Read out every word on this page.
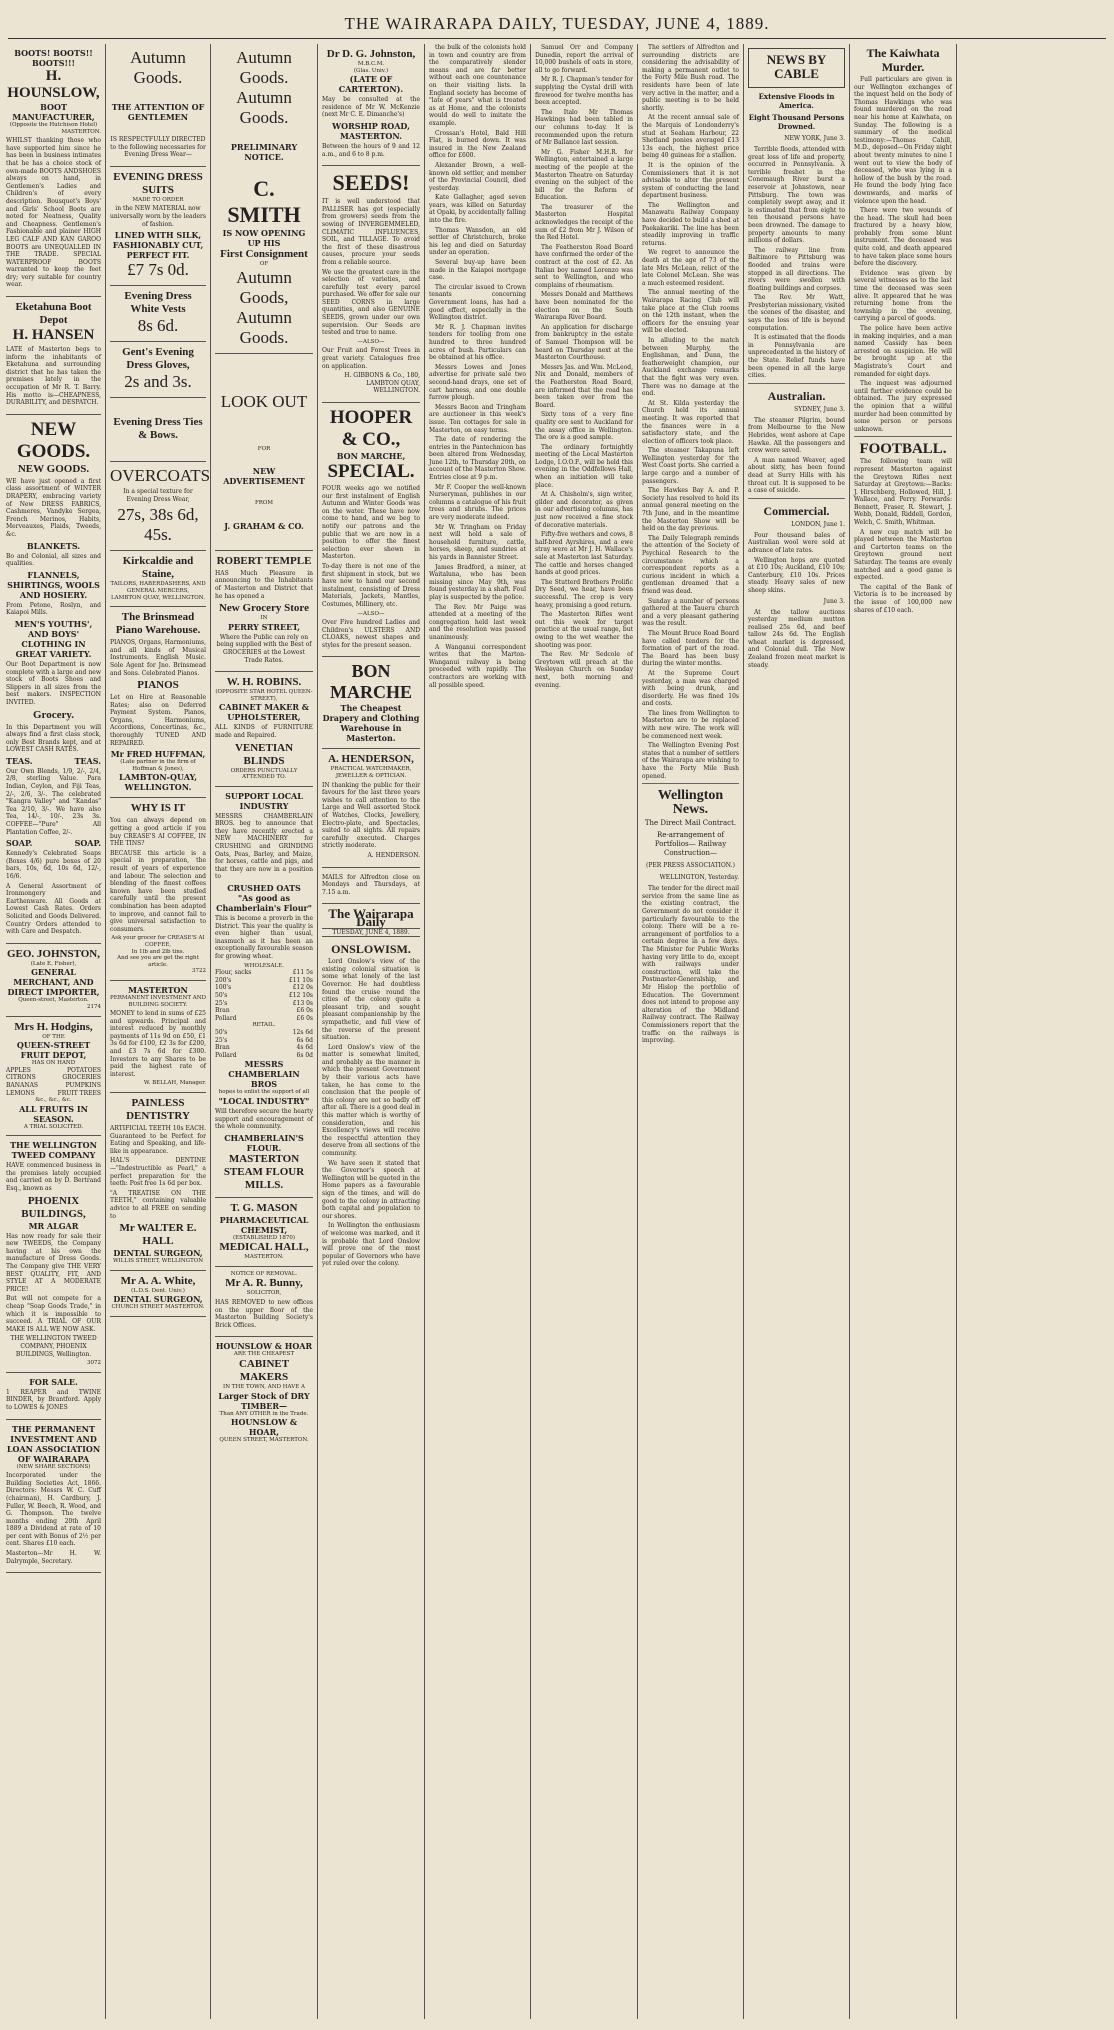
THE WAIRARAPA DAILY, TUESDAY, JUNE 4, 1889.
BOOTS! BOOTS!! BOOTS!!!
H. HOUNSLOW,
BOOT MANUFACTURER,
(Opposite the Hutchison Hotel)
MASTERTON.

WHILST thanking those who have supported him since he has been in business intimates that he has a choice stock of own-made BOOTS ANDSHOES always on hand, in Gentlemen's Ladies and Children's of every description. Bousquet's Boys' and Girls' School Boots are noted for Neatness, Quality and Cheapness. Gentlemen's Fashionable and plainer HIGH LEG CALF AND KAN GAROO BOOTS are UNEQUALLED IN THE TRADE. SPECIAL WATERPROOF BOOTS warranted to keep the feet dry; very suitable for country wear.

Eketahuna Boot Depot
H. HANSEN

LATE of Masterton begs to inform the inhabitants of Eketahuna and surrounding district that he has taken the premises lately in the occupation of Mr R. T. Barry. His motto is—CHEAPNESS, DURABILITY, and DESPATCH.

NEW GOODS.
NEW GOODS.

WE have just opened a first class assortment of WINTER DRAPERY, embracing variety of New DRESS FABRICS, Cashmeres, Vandyke Sergea, French Merinos, Habits, Merveauxes, Plaids, Tweeds, &c.

BLANKETS.

Bo and Colonial, all sizes and qualities.

FLANNELS, SHIRTINGS, WOOLS AND HOSIERY.

From Petone, Roslyn, and Kaiapoi Mills.

MEN'S YOUTHS', AND BOYS' CLOTHING IN GREAT VARIETY.

Our Boot Department is now complete with a large and new stock of Boots Shoes and Slippers in all sizes from the best makers. INSPECTION INVITED.

Grocery.

In this Department you will always find a first class stock, only Best Brands kept, and at LOWEST CASH RATES.

TEAS.	TEAS.

Our Own Blends, 1/9, 2/-, 2/4, 2/8, sterling Value. Para Indian, Ceylon, and Fiji Teas, 2/-, 2/6, 3/-. The celebrated "Kangra Valley" and "Kandas" Tea 2/10, 3/-. We have also Tea, 14/-, 10/-, 23s 3s. COFFEE—"Pure" All Plantation Coffee, 2/-.

SOAP.	SOAP.

Kennedy's Celebrated Soaps (Boxes 4/6) pure boxes of 20 bars, 10s, 6d, 10s 6d, 12/-, 16/6.

A General Assortment of Ironmongery and Earthenware. All Goods at Lowest Cash Rates. Orders Solicited and Goods Delivered. Country Orders attended to with Care and Despatch.

GEO. JOHNSTON,
(Late E. Fisher),
GENERAL MERCHANT, AND DIRECT IMPORTER,
Queen-street, Masterton.
2174
Mrs H. Hodgins,
OF THE
QUEEN-STREET FRUIT DEPOT,
HAS ON HAND
APPLES	POTATOES
CITRONS	GROCERIES
BANANAS	PUMPKINS
LEMONS	FRUIT TREES
&c., &c., &c.
ALL FRUITS IN SEASON.
A TRIAL SOLICITED.
THE WELLINGTON TWEED COMPANY

HAVE commenced business in the premises lately occupied and carried on by D. Bertrand Esq., known as

PHOENIX BUILDINGS,
MR ALGAR

Has now ready for sale their new TWEEDS, the Company having at his own the manufacture of Dress Goods. The Company give THE VERY BEST QUALITY, FIT, AND STYLE AT A MODERATE PRICE!

But will not compete for a cheap "Soap Goods Trade," in which it is impossible to succeed. A TRIAL OF OUR MAKE IS ALL WE NOW ASK.

THE WELLINGTON TWEED COMPANY, PHOENIX BUILDINGS, Wellington.

3072
FOR SALE.

1 REAPER and TWINE BINDER, by Brantford. Apply to LOWES & JONES

THE PERMANENT INVESTMENT AND LOAN ASSOCIATION OF WAIRARAPA
(NEW SHARE SECTIONS)

Incorporated under the Building Societies Act, 1866. Directors: Messrs W. C. Cuff (chairman), H. Cardbury, J. Fuller, W. Beech, R. Wood, and G. Thompson. The twelve months ending 20th April 1889 a Dividend at rate of 10 per cent with Bonus of 2½ per cent. Shares £10 each.

Masterton—Mr H. W. Dalrymple, Secretary.

Autumn Goods.
THE ATTENTION OF GENTLEMEN

IS RESPECTFULLY DIRECTED to the following necessaries for Evening Dress Wear—

EVENING DRESS SUITS
MADE TO ORDER

in the NEW MATERIAL now universally worn by the leaders of fashion.

LINED WITH SILK,
FASHIONABLY CUT,
PERFECT FIT.
£7 7s 0d.
Evening Dress White Vests
8s 6d.
Gent's Evening Dress Gloves,
2s and 3s.
Evening Dress Ties & Bows.
OVERCOATS

In a special texture for Evening Dress Wear,

27s, 38s 6d, 45s.
Kirkcaldie and Staine,
TAILORS, HABERDASHERS, AND GENERAL MERCERS,
LAMBTON QUAY, WELLINGTON.
The Brinsmead Piano Warehouse.

PIANOS, Organs, Harmoniums, and all kinds of Musical Instruments. English Music. Sole Agent for Jno. Brinsmead and Sons. Celebrated Pianos.

PIANOS

Let on Hire at Reasonable Rates; also on Deferred Payment System. Pianos, Organs, Harmoniums, Accordions, Concertinas, &c., thoroughly TUNED AND REPAIRED.

Mr FRED HUFFMAN,
(Late partner in the firm of Hoffman & Jones),
LAMBTON-QUAY, WELLINGTON.
WHY IS IT

You can always depend on getting a good article if you buy CREASE'S AI COFFEE, IN THE TINS?

BECAUSE this article is a special in preparation, the result of years of experience and labour. The selection and blending of the finest coffees known have been studied carefully until the present combination has been adapted to improve, and cannot fail to give universal satisfaction to consumers.

Ask your grocer for CREASE'S AI COFFEE,
In 1lb and 2lb tins.
And see you are get the right article.
3722
MASTERTON
PERMANENT INVESTMENT AND BUILDING SOCIETY.

MONEY to lend in sums of £25 and upwards. Principal and interest reduced by monthly payments of 11s 9d on £50, £1 3s 6d for £100, £2 3s for £200, and £3 7s 6d for £300. Investors to any Shares to be paid the highest rate of interest.

W. BELLAH, Manager.
PAINLESS DENTISTRY

ARTIFICIAL TEETH 10s EACH. Guaranteed to be Perfect for Eating and Speaking, and life-like in appearance.

HAL'S DENTINE—"Indestructible as Pearl," a perfect preparation for the teeth: Post free 1s 6d per box.

"A TREATISE ON THE TEETH," containing valuable advice to all FREE on sending to

Mr WALTER E. HALL
DENTAL SURGEON,
WILLIS STREET, WELLINGTON
Mr A. A. White,
(L.D.S. Dent. Univ.)
DENTAL SURGEON,
CHURCH STREET MASTERTON.
Autumn Goods.
Autumn Goods.
PRELIMINARY NOTICE.
C. SMITH
IS NOW OPENING UP HIS
First Consignment
OF
Autumn Goods,
Autumn Goods.
LOOK OUT
FOR
NEW ADVERTISEMENT
FROM
J. GRAHAM & CO.
ROBERT TEMPLE

HAS Much Pleasure in announcing to the Inhabitants of Masterton and District that he has opened a

New Grocery Store
IN
PERRY STREET,

Where the Public can rely on being supplied with the Best of GROCERIES at the Lowest Trade Rates.

W. H. ROBINS.
(OPPOSITE STAR HOTEL QUEEN-STREET),
CABINET MAKER & UPHOLSTERER,

ALL KINDS of FURNITURE made and Repaired.

VENETIAN BLINDS
ORDERS PUNCTUALLY ATTENDED TO.
SUPPORT LOCAL INDUSTRY

MESSRS CHAMBERLAIN BROS. beg to announce that they have recently erected a NEW MACHINERY for CRUSHING and GRINDING Oats, Peas, Barley, and Maize, for horses, cattle and pigs, and that they are now in a position to

CRUSHED OATS
"As good as Chamberlain's Flour"

This is become a proverb in the District. This year the quality is even higher than usual, inasmuch as it has been an exceptionally favourable season for growing wheat.

WHOLESALE.
Flour, sacks	£11 5s
200's	£11 10s
100's	£12 0s
50's	£12 10s
25's	£13 0s
Bran	£6 0s
Pollard	£6 0s
RETAIL.
50's	12s 6d
25's	6s 6d
Bran	4s 6d
Pollard	6s 0d
MESSRS CHAMBERLAIN BROS
hopes to enlist the support of all
"LOCAL INDUSTRY"

Will therefore secure the hearty support and encouragement of the whole community.

CHAMBERLAIN'S FLOUR.
MASTERTON STEAM FLOUR MILLS.
T. G. MASON
PHARMACEUTICAL CHEMIST,
(ESTABLISHED 1870)
MEDICAL HALL,
MASTERTON.
NOTICE OF REMOVAL.
Mr A. R. Bunny,
SOLICITOR,

HAS REMOVED to new offices on the upper floor of the Masterton Building Society's Brick Offices.

HOUNSLOW & HOAR
ARE THE CHEAPEST
CABINET MAKERS
IN THE TOWN, AND HAVE A
Larger Stock of DRY TIMBER—
Than ANY OTHER in the Trade.
HOUNSLOW & HOAR,
QUEEN STREET, MASTERTON.
Dr D. G. Johnston,
M.B.C.M.
(Glas. Univ.)
(LATE OF CARTERTON).

May be consulted at the residence of Mr W. McKenzie (next Mr C. E. Dimanche's)

WORSHIP ROAD, MASTERTON.

Between the hours of 9 and 12 a.m., and 6 to 8 p.m.

SEEDS!

IT is well understood that PALLISER has got (especially from growers) seeds from the sowing of INVERGEMMELED, CLIMATIC INFLUENCES, SOIL, and TILLAGE. To avoid the first of these disastrous causes, procure your seeds from a reliable source.

We use the greatest care in the selection of varieties, and carefully test every parcel purchased. We offer for sale our SEED CORNS in large quantities, and also GENUINE SEEDS, grown under our own supervision. Our Seeds are tested and true to name.

—ALSO—

Our Fruit and Forest Trees in great variety. Catalogues free on application.

H. GIBBONS & Co., 180, LAMBTON QUAY, WELLINGTON.

HOOPER & CO.,
BON MARCHE,
SPECIAL.

FOUR weeks ago we notified our first instalment of English Autumn and Winter Goods was on the water. These have now come to hand, and we beg to notify our patrons and the public that we are now in a position to offer the finest selection ever shown in Masterton.

To-day there is not one of the first shipment in stock, but we have now to hand our second instalment, consisting of Dress Materials, Jackets, Mantles, Costumes, Millinery, etc.

—ALSO—

Over Five hundred Ladies and Children's ULSTERS AND CLOAKS, newest shapes and styles for the present season.

BON MARCHE
The Cheapest Drapery and Clothing Warehouse in Masterton.
A. HENDERSON,
PRACTICAL WATCHMAKER, JEWELLER & OPTICIAN.

IN thanking the public for their favours for the last three years wishes to call attention to the Large and Well assorted Stock of Watches, Clocks, Jewellery, Electro-plate, and Spectacles, suited to all sights. All repairs carefully executed. Charges strictly moderate.

A. HENDERSON.

MAILS for Alfredton close on Mondays and Thursdays, at 7.15 a.m.

The Wairarapa Daily
TUESDAY, JUNE 4, 1889.
ONSLOWISM.

Lord Onslow's view of the existing colonial situation is some what lonely of the last Governor. He had doubtless found the cruise round the cities of the colony quite a pleasant trip, and sought pleasant companionship by the sympathetic, and full view of the reverse of the present situation.

Lord Onslow's view of the matter is somewhat limited, and probably as the manner in which the present Government by their various acts have taken, he has come to the conclusion that the people of this colony are not so badly off after all. There is a good deal in this matter which is worthy of consideration, and his Excellency's views will receive the respectful attention they deserve from all sections of the community.

We have seen it stated that the Governor's speech at Wellington will be quoted in the Home papers as a favourable sign of the times, and will do good to the colony in attracting both capital and population to our shores.

In Wellington the enthusiasm of welcome was marked, and it is probable that Lord Onslow will prove one of the most popular of Governors who have yet ruled over the colony.

the bulk of the colonists hold in town and country are from the comparatively slender means and are far better without each one countenance on their visiting lists. In England society has become of "late of years" what is treated as at Home, and the colonists would do well to imitate the example.

Crossan's Hotel, Bald Hill Flat, is burned down. It was insured in the New Zealand office for £600.

Alexander Brown, a well-known old settler, and member of the Provincial Council, died yesterday.

Kate Gallagher, aged seven years, was killed on Saturday at Opaki, by accidentally falling into the fire.

Thomas Wansdon, an old settler of Christchurch, broke his leg and died on Saturday under an operation.

Several buy-up have been made in the Kaiapoi mortgage case.

The circular issued to Crown tenants concerning Government loans, has had a good effect, especially in the Wellington district.

Mr R. J. Chapman invites tenders for tooling from one hundred to three hundred acres of bush. Particulars can be obtained at his office.

Messrs Lowes and Jones advertise for private sale two second-hand drays, one set of cart harness, and one double furrow plough.

Messrs Bacon and Tringham are auctioneer in this week's issue. Ten cottages for sale in Masterton, on easy terms.

The date of rendering the entries in the Pantechnicon has been altered from Wednesday, June 12th, to Thursday 20th, on account of the Masterton Show. Entries close at 9 p.m.

Mr F. Cooper the well-known Nurseryman, publishes in our columns a catalogue of his fruit trees and shrubs. The prices are very moderate indeed.

Mr W. Tringham on Friday next will hold a sale of household furniture, cattle, horses, sheep, and sundries at his yards in Bannister Street.

James Bradford, a miner, at Waitaluna, who has been missing since May 9th, was found yesterday in a shaft. Foul play is suspected by the police.

The Rev. Mr Paige was attended at a meeting of the congregation held last week and the resolution was passed unanimously.

A Wanganui correspondent writes that the Marton-Wanganui railway is being proceeded with rapidly. The contractors are working with all possible speed.

Samuel Orr and Company Dunedin, report the arrival of 10,000 bushels of oats in store, all to go forward.

Mr R. J. Chapman's tender for supplying the Cystal drill with firewood for twelve months has been accepted.

The Italo Mr Thomas Hawkings had been tabled in our columns to-day. It is recommended upon the return of Mr Ballance last session.

Mr G. Fisher M.H.R. for Wellington, entertained a large meeting of the people at the Masterton Theatre on Saturday evening on the subject of the bill for the Reform of Education.

The treasurer of the Masterton Hospital acknowledges the receipt of the sum of £2 from Mr J. Wilson of the Red Hotel.

The Featherston Road Board have confirmed the order of the contract at the cost of £2. An Italian boy named Lorenzo was sent to Wellington, and who complains of rheumatism.

Messrs Donald and Matthews have been nominated for the election on the South Wairarapa River Board.

An application for discharge from bankruptcy in the estate of Samuel Thompson will be heard on Thursday next at the Masterton Courthouse.

Messrs Jas. and Wm. McLeod, Nix and Donald, members of the Featherston Road Board, are informed that the road has been taken over from the Board.

Sixty tons of a very fine quality ore sent to Auckland for the assay office in Wellington. The ore is a good sample.

The ordinary fortnightly meeting of the Local Masterton Lodge, I.O.O.F., will be held this evening in the Oddfellows Hall, when an initiation will take place.

At A. Chisholm's, sign writer, gilder and decorator, as given in our advertising columns, has just now received a fine stock of decorative materials.

Fifty-five wethers and cows, 8 half-bred Ayrshires, and a ewe stray were at Mr J. H. Wallace's sale at Masterton last Saturday. The cattle and horses changed hands at good prices.

The Stutterd Brothers Prolific Dry Seed, we hear, have been successful. The crop is very heavy, promising a good return.

The Masterton Rifles went out this week for target practice at the usual range, but owing to the wet weather the shooting was poor.

The Rev. Mr Sedcole of Greytown will preach at the Wesleyan Church on Sunday next, both morning and evening.

The settlers of Alfredton and surrounding districts are considering the advisability of making a permanent outlet to the Forty Mile Bush road. The residents have been of late very active in the matter, and a public meeting is to be held shortly.

At the recent annual sale of the Marquis of Londonderry's stud at Seaham Harbour, 22 Shetland ponies averaged £13 13s each, the highest price being 40 guineas for a stallion.

It is the opinion of the Commissioners that it is not advisable to alter the present system of conducting the land department business.

The Wellington and Manawatu Railway Company have decided to build a shed at Paekakariki. The line has been steadily improving in traffic returns.

We regret to announce the death at the age of 73 of the late Mrs McLean, relict of the late Colonel McLean. She was a much esteemed resident.

The annual meeting of the Wairarapa Racing Club will take place at the Club rooms on the 12th instant, when the officers for the ensuing year will be elected.

In alluding to the match between Murphy, the Englishman, and Dunn, the featherweight champion, our Auckland exchange remarks that the fight was very even. There was no damage at the end.

At St. Kilda yesterday the Church held its annual meeting. It was reported that the finances were in a satisfactory state, and the election of officers took place.

The steamer Takapuna left Wellington yesterday for the West Coast ports. She carried a large cargo and a number of passengers.

The Hawkes Bay A. and P. Society has resolved to hold its annual general meeting on the 7th June, and in the meantime the Masterton Show will be held on the day previous.

The Daily Telegraph reminds the attention of the Society of Psychical Research to the circumstance which a correspondent reports as a curious incident in which a gentleman dreamed that a friend was dead.

Sunday a number of persons gathered at the Taueru church and a very pleasant gathering was the result.

The Mount Bruce Road Board have called tenders for the formation of part of the road. The Board has been busy during the winter months.

At the Supreme Court yesterday, a man was charged with being drunk, and disorderly. He was fined 10s and costs.

The lines from Wellington to Masterton are to be replaced with new wire. The work will be commenced next week.

The Wellington Evening Post states that a number of settlers of the Wairarapa are wishing to have the Forty Mile Bush opened.

Wellington News.
The Direct Mail Contract.
Re-arrangement of Portfolios— Railway Construction—
(PER PRESS ASSOCIATION.)
WELLINGTON, Yesterday.

The tender for the direct mail service from the same line as the existing contract, the Government do not consider it particularly favourable to the colony. There will be a re-arrangement of portfolios to a certain degree in a few days. The Minister for Public Works having very little to do, except with railways under construction, will take the Postmaster-Generalship, and Mr Hislop the portfolio of Education. The Government does not intend to propose any alteration of the Midland Railway contract. The Railway Commissioners report that the traffic on the railways is improving.

NEWS BY CABLE
Extensive Floods in America.
Eight Thousand Persons Drowned.
NEW YORK, June 3.

Terrible floods, attended with great loss of life and property, occurred in Pennsylvania. A terrible freshet in the Conemaugh River burst a reservoir at Johnstown, near Pittsburg. The town was completely swept away, and it is estimated that from eight to ten thousand persons have been drowned. The damage to property amounts to many millions of dollars.

The railway line from Baltimore to Pittsburg was flooded and trains were stopped in all directions. The rivers were swollen with floating buildings and corpses.

The Rev. Mr Watt, Presbyterian missionary, visited the scenes of the disaster, and says the loss of life is beyond computation.

It is estimated that the floods in Pennsylvania are unprecedented in the history of the State. Relief funds have been opened in all the large cities.

Australian.
SYDNEY, June 3.

The steamer Pilgrim, bound from Melbourne to the New Hebrides, went ashore at Cape Hawke. All the passengers and crew were saved.

A man named Weaver, aged about sixty, has been found dead at Surry Hills with his throat cut. It is supposed to be a case of suicide.

Commercial.
LONDON, June 1.

Four thousand bales of Australian wool were sold at advance of late rates.

Wellington hops are quoted at £10 10s; Auckland, £10 10s; Canterbury, £10 10s. Prices steady. Heavy sales of new sheep skins.

June 3.

At the tallow auctions yesterday medium mutton realised 25s 6d, and beef tallow 24s 6d. The English wheat market is depressed, and Colonial dull. The New Zealand frozen meat market is steady.

The Kaiwhata Murder.

Full particulars are given in our Wellington exchanges of the inquest held on the body of Thomas Hawkings who was found murdered on the road near his home at Kaiwhata, on Sunday. The following is a summary of the medical testimony:—Thomas Cahill, M.D., deposed—On Friday night about twenty minutes to nine I went out to view the body of deceased, who was lying in a hollow of the bush by the road. He found the body lying face downwards, and marks of violence upon the head.

There were two wounds of the head. The skull had been fractured by a heavy blow, probably from some blunt instrument. The deceased was quite cold, and death appeared to have taken place some hours before the discovery.

Evidence was given by several witnesses as to the last time the deceased was seen alive. It appeared that he was returning home from the township in the evening, carrying a parcel of goods.

The police have been active in making inquiries, and a man named Cassidy has been arrested on suspicion. He will be brought up at the Magistrate's Court and remanded for eight days.

The inquest was adjourned until further evidence could be obtained. The jury expressed the opinion that a willful murder had been committed by some person or persons unknown.

FOOTBALL.

The following team will represent Masterton against the Greytown Rifles next Saturday at Greytown:—Backs: J. Hirschberg, Hollowed, Hill, J. Wallace, and Perry. Forwards: Bennett, Fraser, R. Stewart, J. Webb, Donald, Riddell, Gordon, Welch, C. Smith, Whitman.

A new cup match will be played between the Masterton and Carterton teams on the Greytown ground next Saturday. The teams are evenly matched and a good game is expected.

The capital of the Bank of Victoria is to be increased by the issue of 100,000 new shares of £10 each.
